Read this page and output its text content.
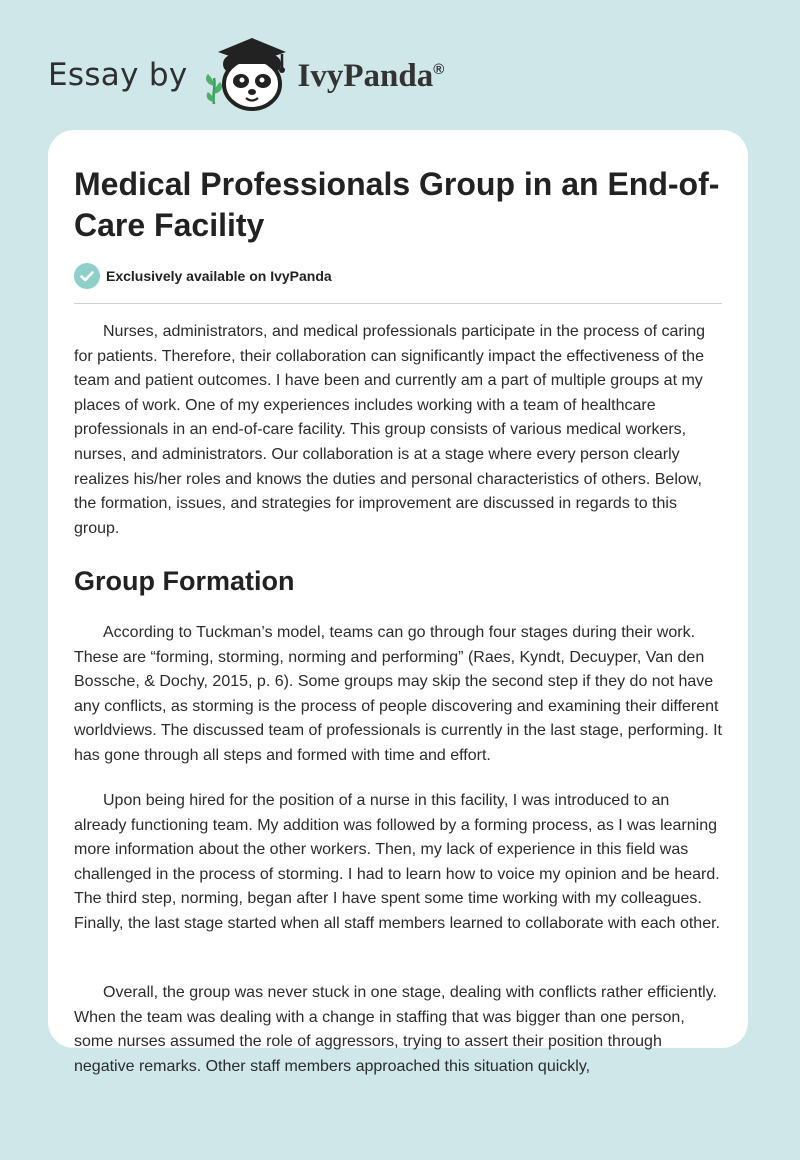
Essay by	IvyPanda®
Medical Professionals Group in an End-of-Care Facility
Exclusively available on IvyPanda

Nurses, administrators, and medical professionals participate in the process of caring for patients. Therefore, their collaboration can significantly impact the effectiveness of the team and patient outcomes. I have been and currently am a part of multiple groups at my places of work. One of my experiences includes working with a team of healthcare professionals in an end-of-care facility. This group consists of various medical workers, nurses, and administrators. Our collaboration is at a stage where every person clearly realizes his/her roles and knows the duties and personal characteristics of others. Below, the formation, issues, and strategies for improvement are discussed in regards to this group.

Group Formation

According to Tuckman’s model, teams can go through four stages during their work. These are “forming, storming, norming and performing” (Raes, Kyndt, Decuyper, Van den Bossche, & Dochy, 2015, p. 6). Some groups may skip the second step if they do not have any conflicts, as storming is the process of people discovering and examining their different worldviews. The discussed team of professionals is currently in the last stage, performing. It has gone through all steps and formed with time and effort.

Upon being hired for the position of a nurse in this facility, I was introduced to an already functioning team. My addition was followed by a forming process, as I was learning more information about the other workers. Then, my lack of experience in this field was challenged in the process of storming. I had to learn how to voice my opinion and be heard. The third step, norming, began after I have spent some time working with my colleagues. Finally, the last stage started when all staff members learned to collaborate with each other.

Overall, the group was never stuck in one stage, dealing with conflicts rather efficiently. When the team was dealing with a change in staffing that was bigger than one person, some nurses assumed the role of aggressors, trying to assert their position through negative remarks. Other staff members approached this situation quickly,
